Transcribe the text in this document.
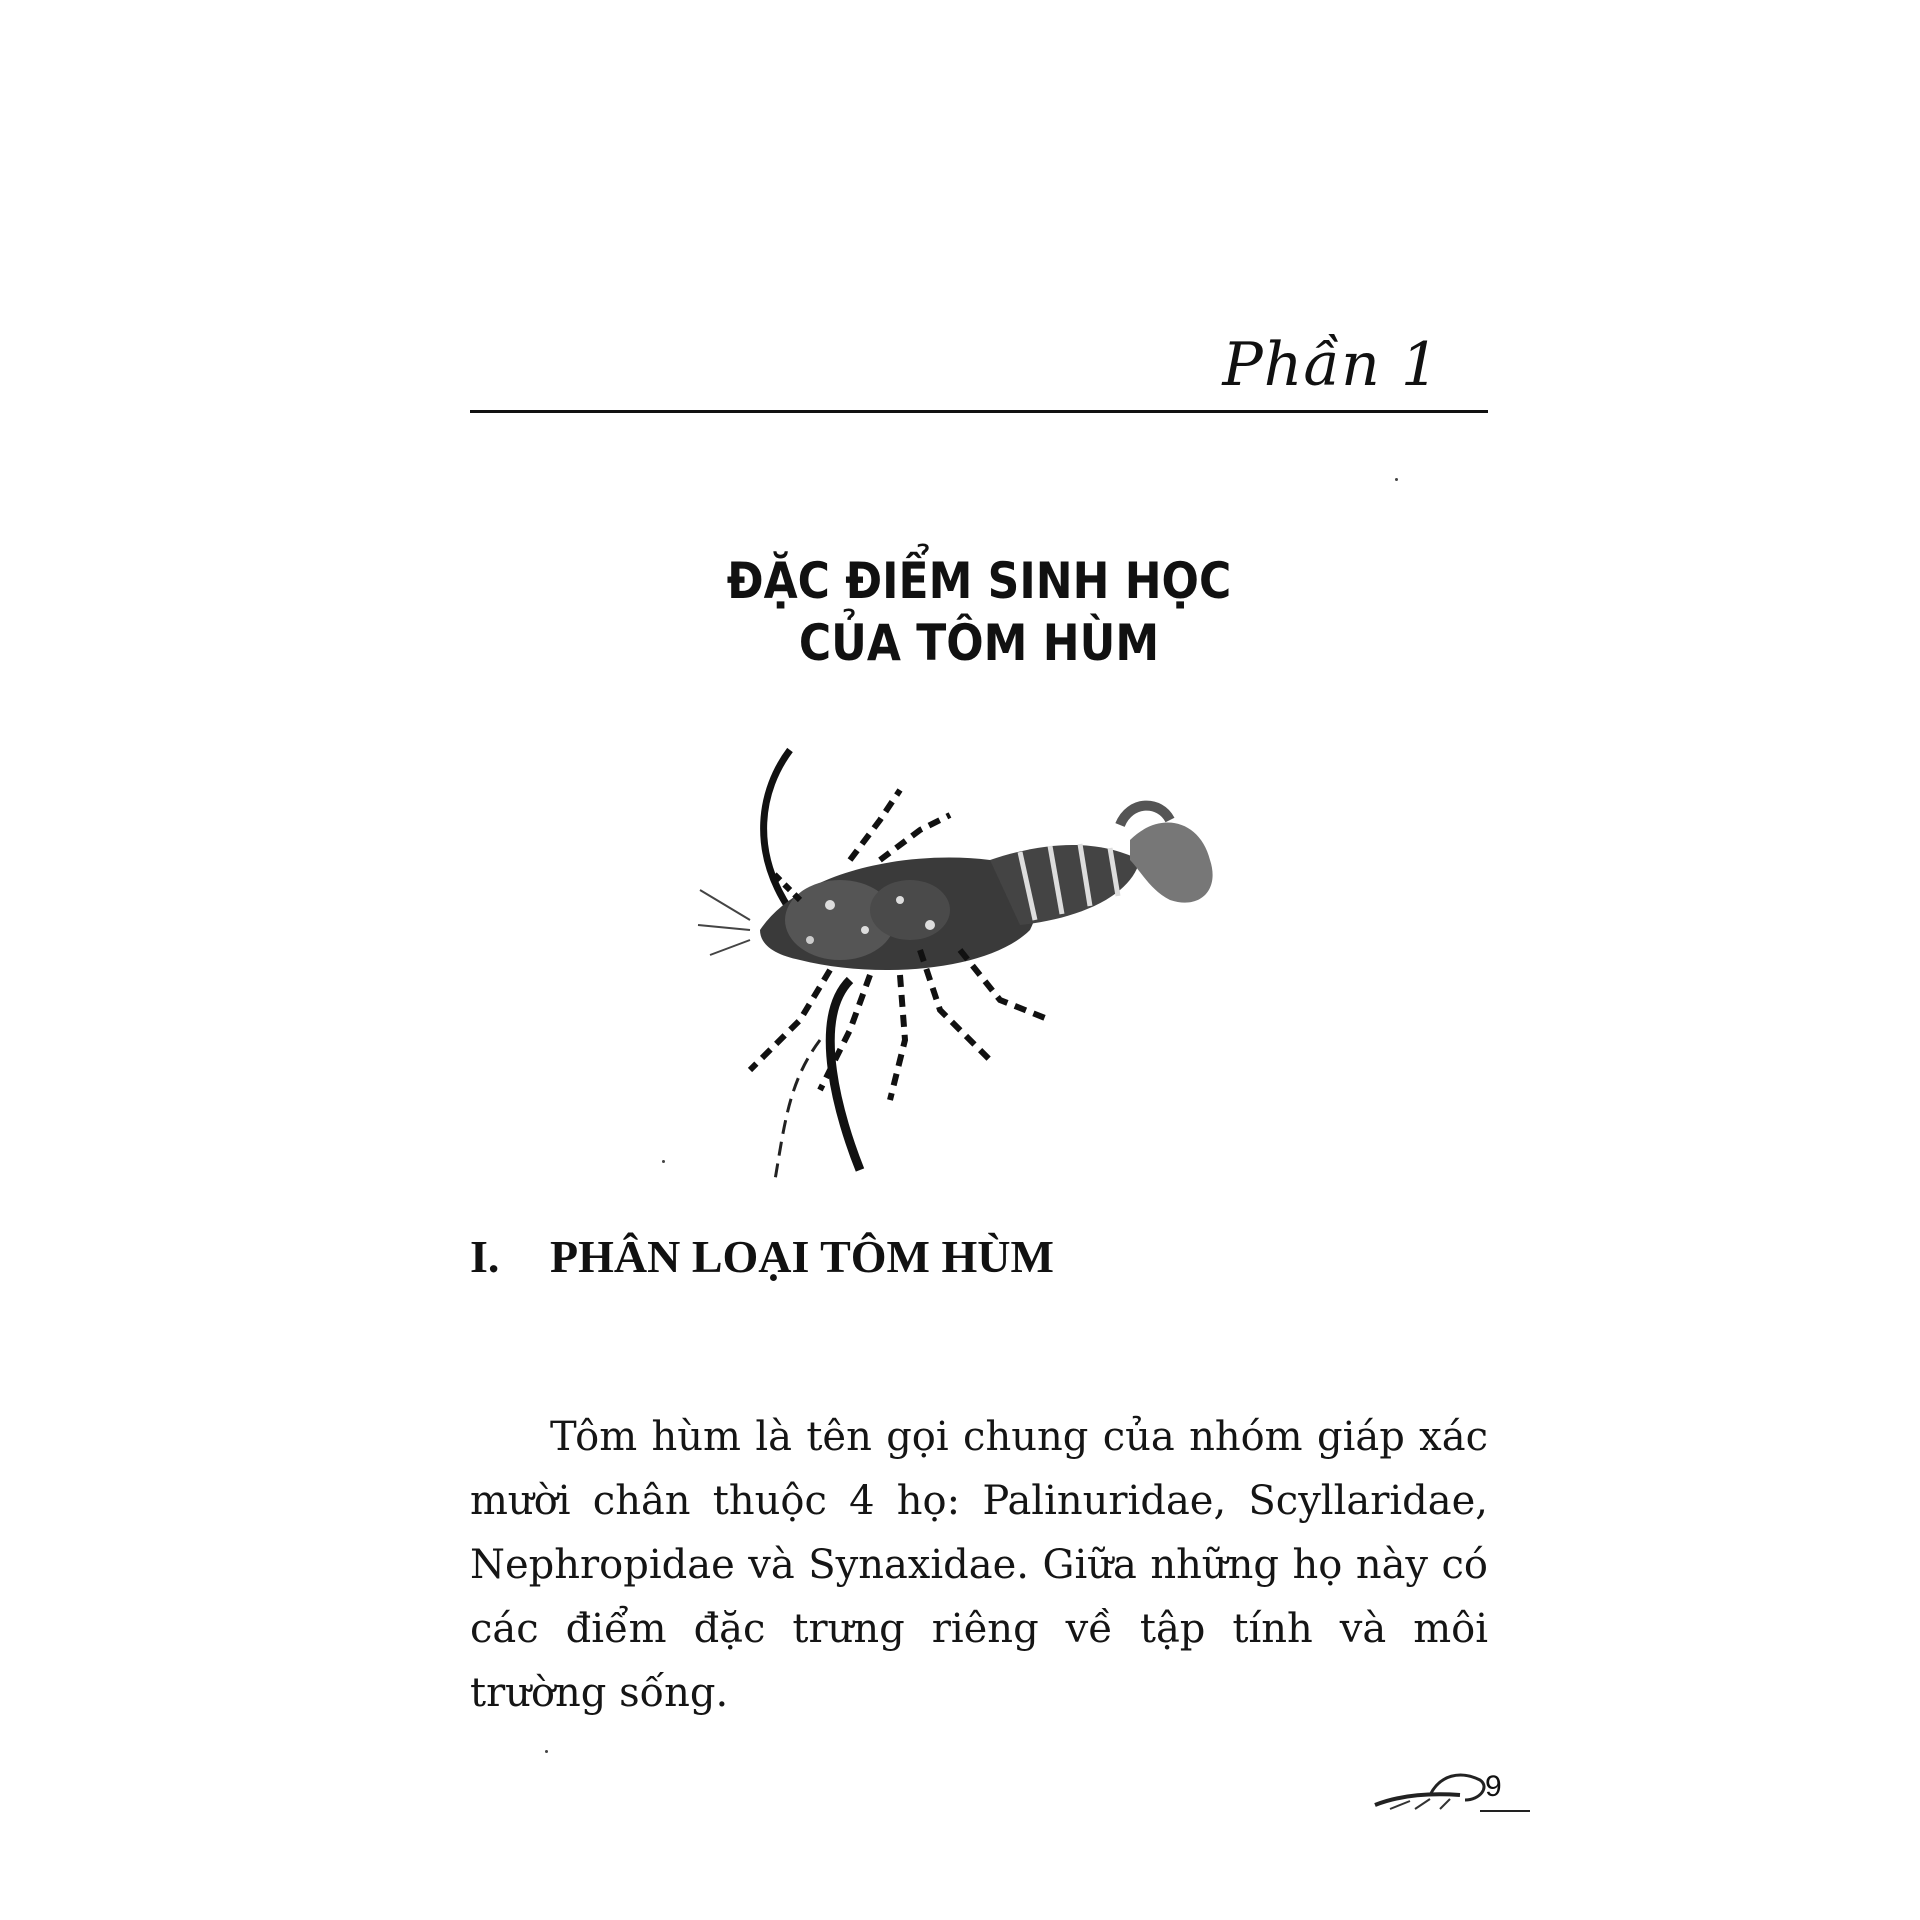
Phần 1
ĐẶC ĐIỂM SINH HỌC
CỦA TÔM HÙM
I. PHÂN LOẠI TÔM HÙM

Tôm hùm là tên gọi chung của nhóm giáp xác mười chân thuộc 4 họ: Palinuridae, Scyllaridae, Nephropidae và Synaxidae. Giữa những họ này có các điểm đặc trưng riêng về tập tính và môi trường sống.

9
